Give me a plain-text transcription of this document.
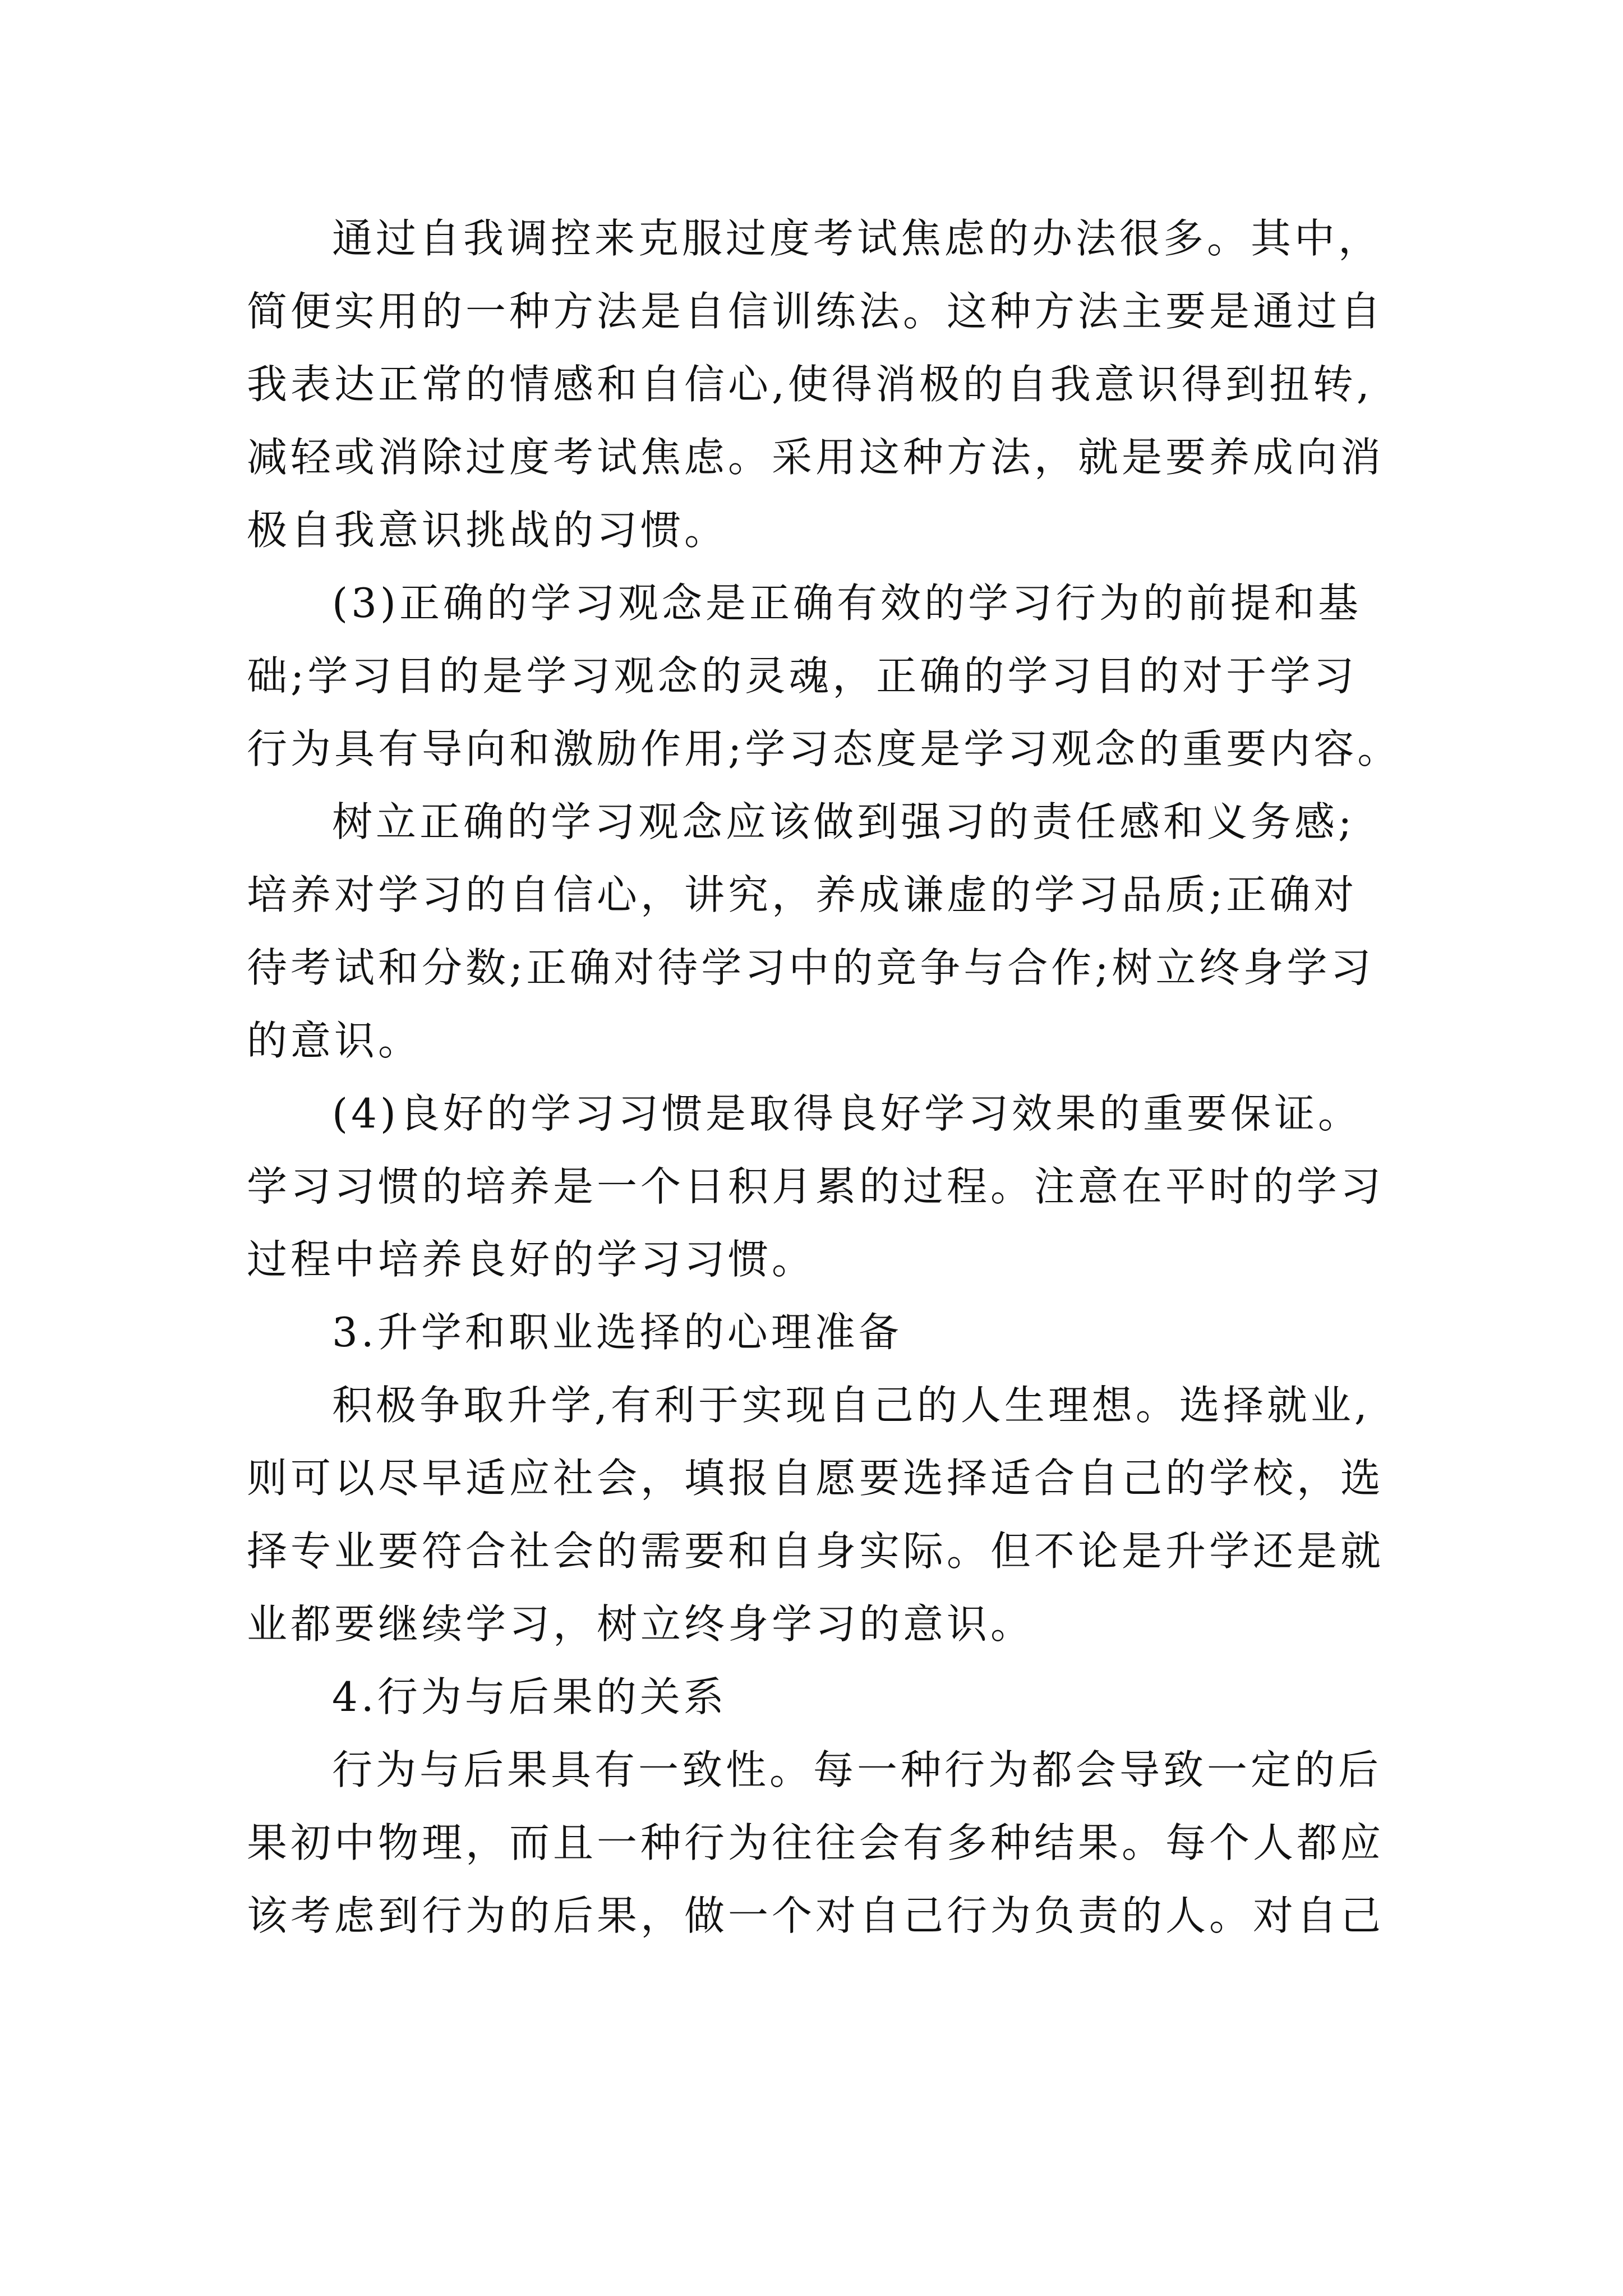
通过自我调控来克服过度考试焦虑的办法很多。其中，
简便实用的一种方法是自信训练法。这种方法主要是通过自
我表达正常的情感和自信心,使得消极的自我意识得到扭转,
减轻或消除过度考试焦虑。采用这种方法，就是要养成向消
极自我意识挑战的习惯。
(3)正确的学习观念是正确有效的学习行为的前提和基
础;学习目的是学习观念的灵魂，正确的学习目的对于学习
行为具有导向和激励作用;学习态度是学习观念的重要内容。
树立正确的学习观念应该做到强习的责任感和义务感;
培养对学习的自信心，讲究，养成谦虚的学习品质;正确对
待考试和分数;正确对待学习中的竞争与合作;树立终身学习
的意识。
(4)良好的学习习惯是取得良好学习效果的重要保证。
学习习惯的培养是一个日积月累的过程。注意在平时的学习
过程中培养良好的学习习惯。
3.升学和职业选择的心理准备
积极争取升学,有利于实现自己的人生理想。选择就业,
则可以尽早适应社会，填报自愿要选择适合自己的学校，选
择专业要符合社会的需要和自身实际。但不论是升学还是就
业都要继续学习，树立终身学习的意识。
4.行为与后果的关系
行为与后果具有一致性。每一种行为都会导致一定的后
果初中物理，而且一种行为往往会有多种结果。每个人都应
该考虑到行为的后果，做一个对自己行为负责的人。对自己
